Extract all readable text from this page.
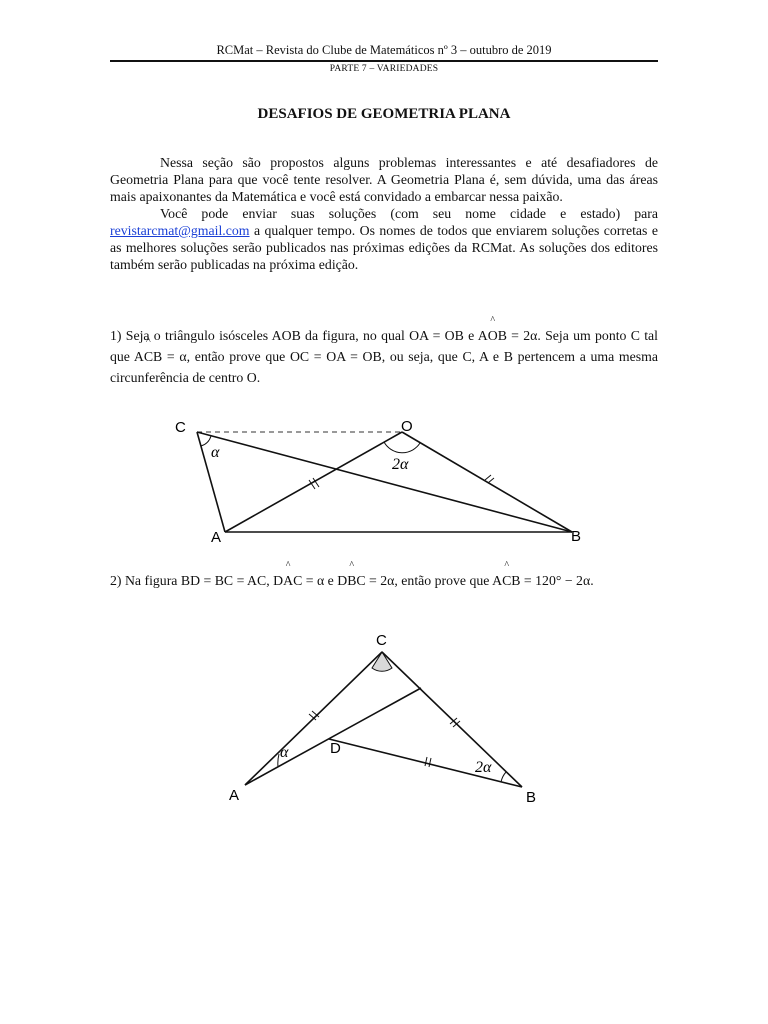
RCMat – Revista do Clube de Matemáticos nº 3 – outubro de 2019
PARTE 7 – VARIEDADES
DESAFIOS DE GEOMETRIA PLANA

Nessa seção são propostos alguns problemas interessantes e até desafiadores de Geometria Plana para que você tente resolver. A Geometria Plana é, sem dúvida, uma das áreas mais apaixonantes da Matemática e você está convidado a embarcar nessa paixão.

Você pode enviar suas soluções (com seu nome cidade e estado) para revistarcmat@gmail.com a qualquer tempo. Os nomes de todos que enviarem soluções corretas e as melhores soluções serão publicados nas próximas edições da RCMat. As soluções dos editores também serão publicadas na próxima edição.

1) Seja o triângulo isósceles AOB da figura, no qual OA = OB e A^ OB = 2α. Seja um ponto C tal que A^ CB = α, então prove que OC = OA = OB, ou seja, que C, A e B pertencem a uma mesma circunferência de centro O.
C	O
A	B
α
2α
2) Na figura BD = BC = AC, D^ AC = α e D^ BC = 2α, então prove que A^ CB = 120° − 2α.
C
D
A	B
α
2α
